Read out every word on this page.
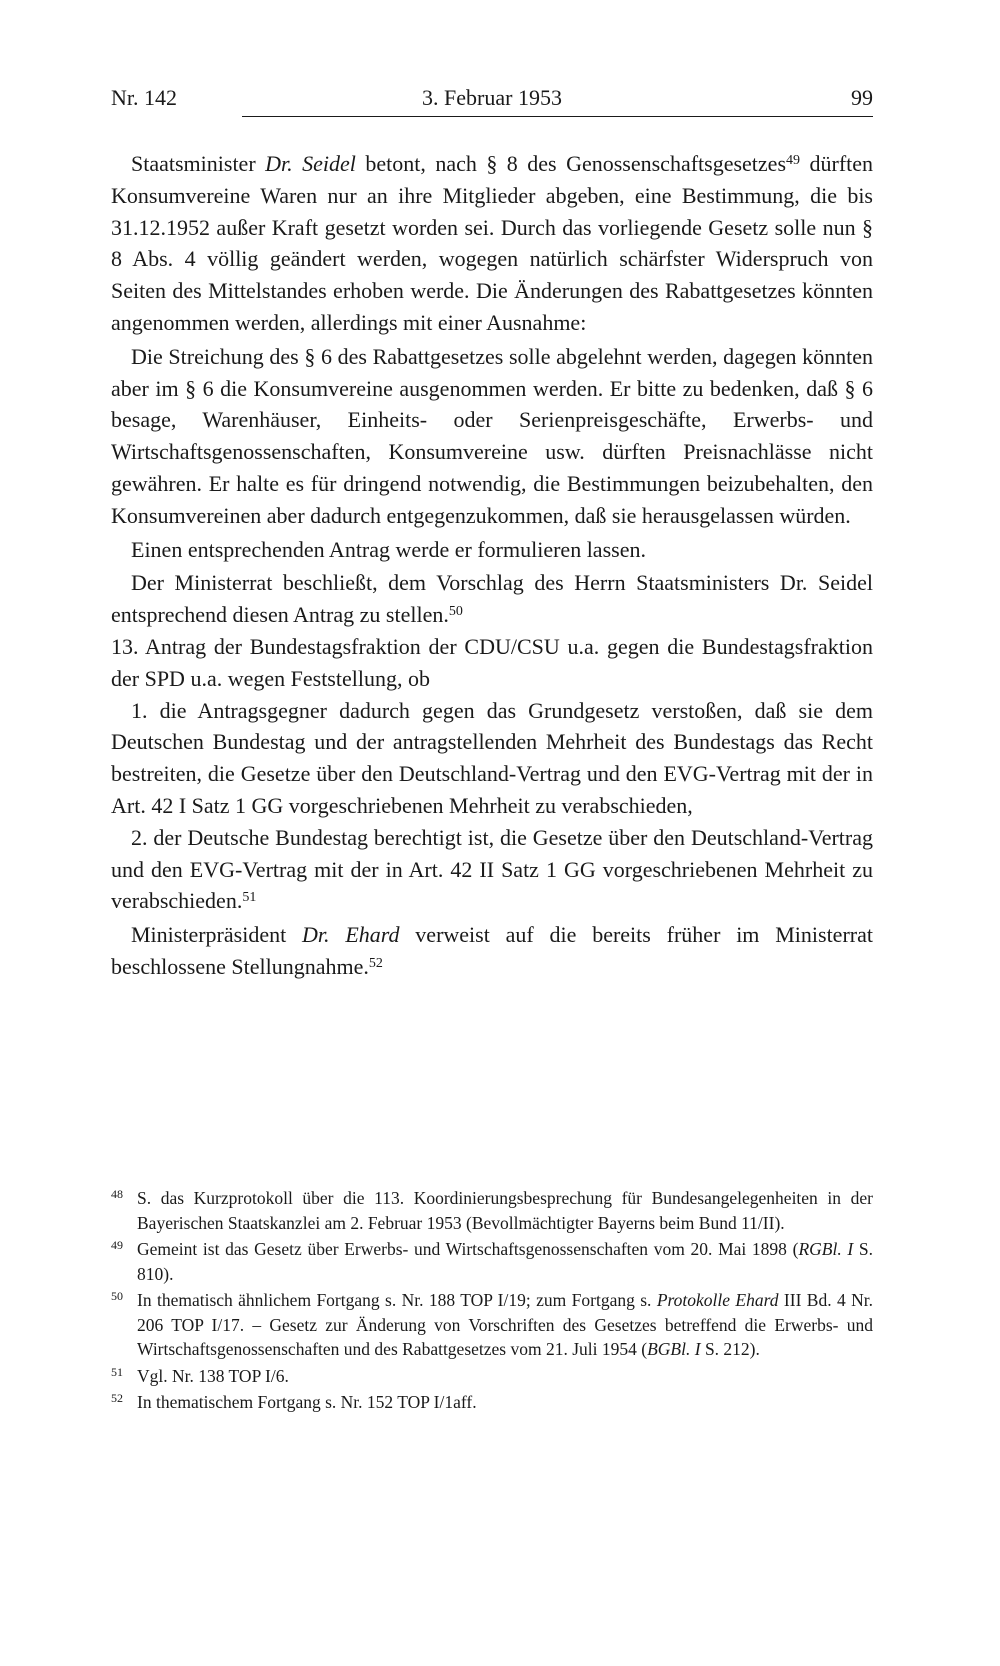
Nr. 142	3. Februar 1953	99

Staatsminister Dr. Seidel betont, nach § 8 des Genossenschaftsgesetzes$^{49}$ dürften Konsumvereine Waren nur an ihre Mitglieder abgeben, eine Bestimmung, die bis 31.12.1952 außer Kraft gesetzt worden sei. Durch das vorliegende Gesetz solle nun § 8 Abs. 4 völlig geändert werden, wogegen natürlich schärfster Widerspruch von Seiten des Mittelstandes erhoben werde. Die Änderungen des Rabattgesetzes könnten angenommen werden, allerdings mit einer Ausnahme:

Die Streichung des § 6 des Rabattgesetzes solle abgelehnt werden, dagegen könnten aber im § 6 die Konsumvereine ausgenommen werden. Er bitte zu bedenken, daß § 6 besage, Warenhäuser, Einheits- oder Serienpreisgeschäfte, Erwerbs- und Wirtschaftsgenossenschaften, Konsumvereine usw. dürften Preisnachlässe nicht gewähren. Er halte es für dringend notwendig, die Bestimmungen beizubehalten, den Konsumvereinen aber dadurch entgegenzukommen, daß sie herausgelassen würden.

Einen entsprechenden Antrag werde er formulieren lassen.

Der Ministerrat beschließt, dem Vorschlag des Herrn Staatsministers Dr. Seidel entsprechend diesen Antrag zu stellen.$^{50}$

13. Antrag der Bundestagsfraktion der CDU/CSU u.a. gegen die Bundestagsfraktion der SPD u.a. wegen Feststellung, ob

1. die Antragsgegner dadurch gegen das Grundgesetz verstoßen, daß sie dem Deutschen Bundestag und der antragstellenden Mehrheit des Bundestags das Recht bestreiten, die Gesetze über den Deutschland-Vertrag und den EVG-Vertrag mit der in Art. 42 I Satz 1 GG vorgeschriebenen Mehrheit zu verabschieden,

2. der Deutsche Bundestag berechtigt ist, die Gesetze über den Deutschland-Vertrag und den EVG-Vertrag mit der in Art. 42 II Satz 1 GG vorgeschriebenen Mehrheit zu verabschieden.$^{51}$

Ministerpräsident Dr. Ehard verweist auf die bereits früher im Ministerrat beschlossene Stellungnahme.$^{52}$

48 S. das Kurzprotokoll über die 113. Koordinierungsbesprechung für Bundesangelegenheiten in der Bayerischen Staatskanzlei am 2. Februar 1953 (Bevollmächtigter Bayerns beim Bund 11/II).
49 Gemeint ist das Gesetz über Erwerbs- und Wirtschaftsgenossenschaften vom 20. Mai 1898 (RGBl. I S. 810).
50 In thematisch ähnlichem Fortgang s. Nr. 188 TOP I/19; zum Fortgang s. Protokolle Ehard III Bd. 4 Nr. 206 TOP I/17. – Gesetz zur Änderung von Vorschriften des Gesetzes betreffend die Erwerbs- und Wirtschaftsgenossenschaften und des Rabattgesetzes vom 21. Juli 1954 (BGBl. I S. 212).
51 Vgl. Nr. 138 TOP I/6.
52 In thematischem Fortgang s. Nr. 152 TOP I/1aff.
